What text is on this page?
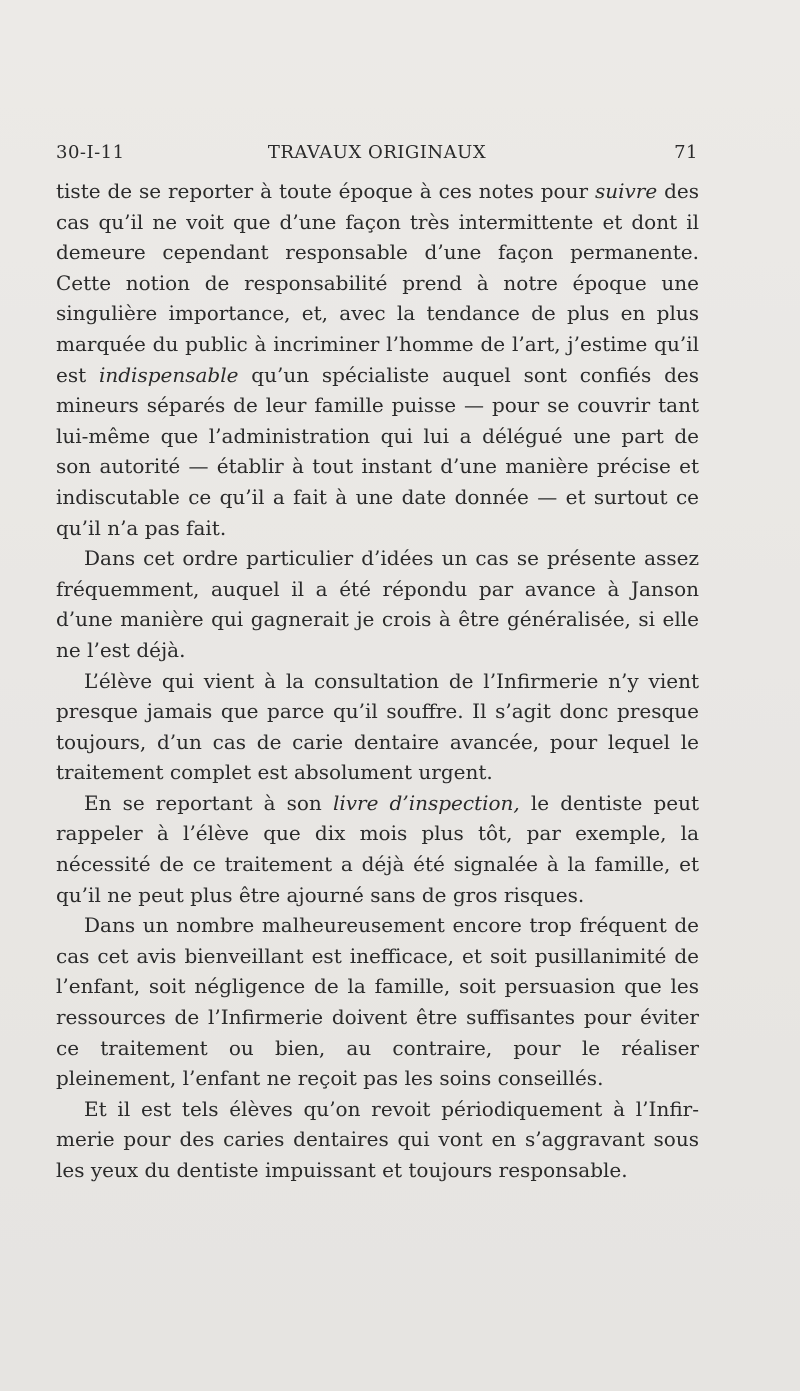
30-I-11	TRAVAUX ORIGINAUX	71

tiste de se reporter à toute époque à ces notes pour suivre des cas qu’il ne voit que d’une façon très intermittente et dont il demeure cependant responsable d’une façon permanente. Cette notion de responsabilité prend à notre époque une singulière importance, et, avec la tendance de plus en plus marquée du public à incriminer l’homme de l’art, j’estime qu’il est indispensable qu’un spécialiste auquel sont confiés des mineurs séparés de leur famille puisse — pour se couvrir tant lui-même que l’administration qui lui a délégué une part de son autorité — établir à tout instant d’une manière précise et indiscutable ce qu’il a fait à une date donnée — et surtout ce qu’il n’a pas fait.

Dans cet ordre particulier d’idées un cas se présente assez fréquemment, auquel il a été répondu par avance à Janson d’une manière qui gagnerait je crois à être généralisée, si elle ne l’est déjà.

L’élève qui vient à la consultation de l’Infirmerie n’y vient presque jamais que parce qu’il souffre. Il s’agit donc presque toujours, d’un cas de carie dentaire avancée, pour lequel le traitement complet est absolument urgent.

En se reportant à son livre d’inspection, le dentiste peut rappeler à l’élève que dix mois plus tôt, par exemple, la nécessité de ce traitement a déjà été signalée à la famille, et qu’il ne peut plus être ajourné sans de gros risques.

Dans un nombre malheureusement encore trop fréquent de cas cet avis bienveillant est inefficace, et soit pusillanimité de l’enfant, soit négligence de la famille, soit persuasion que les ressources de l’Infirmerie doivent être suffisantes pour éviter ce traitement ou bien, au contraire, pour le réaliser pleinement, l’enfant ne reçoit pas les soins conseillés.

Et il est tels élèves qu’on revoit périodiquement à l’Infirmerie pour des caries dentaires qui vont en s’aggravant sous les yeux du dentiste impuissant et toujours responsable.
